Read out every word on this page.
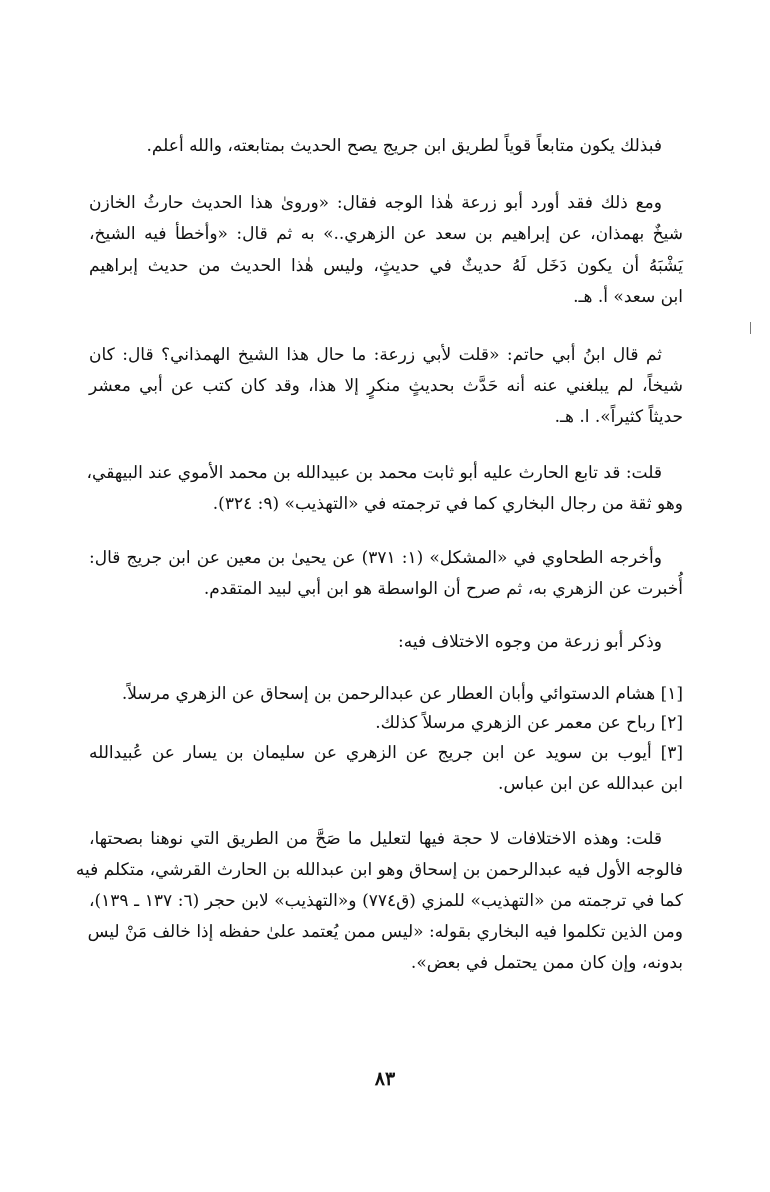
فبذلك يكون متابعاً قوياً لطريق ابن جريج يصح الحديث بمتابعته، والله أعلم.

ومع ذلك فقد أورد أبو زرعة هٰذا الوجه فقال: «وروىٰ هذا الحديث حارثُ الخازن

شيخٌ بهمذان، عن إبراهيم بن سعد عن الزهري..» به ثم قال: «وأخطأ فيه الشيخ،

يَشْبَهُ أن يكون دَخَل لَهُ حديثٌ في حديثٍ، وليس هٰذا الحديث من حديث إبراهيم

ابن سعد» أ. هـ.

ثم قال ابنُ أبي حاتم: «قلت لأبي زرعة: ما حال هذا الشيخ الهمذاني؟ قال: كان

شيخاً، لم يبلغني عنه أنه حَدَّث بحديثٍ منكرٍ إلا هذا، وقد كان كتب عن أبي معشر

حديثاً كثيراً». ا. هـ.

قلت: قد تابع الحارث عليه أبو ثابت محمد بن عبيدالله بن محمد الأموي عند البيهقي،

وهو ثقة من رجال البخاري كما في ترجمته في «التهذيب» (٩: ٣٢٤).

وأخرجه الطحاوي في «المشكل» (١: ٣٧١) عن يحيىٰ بن معين عن ابن جريج قال:

أُخبرت عن الزهري به، ثم صرح أن الواسطة هو ابن أبي لبيد المتقدم.

وذكر أبو زرعة من وجوه الاختلاف فيه:

[١] هشام الدستوائي وأبان العطار عن عبدالرحمن بن إسحاق عن الزهري مرسلاً.

[٢] رباح عن معمر عن الزهري مرسلاً كذلك.

[٣] أيوب بن سويد عن ابن جريج عن الزهري عن سليمان بن يسار عن عُبيدالله

ابن عبدالله عن ابن عباس.

قلت: وهذه الاختلافات لا حجة فيها لتعليل ما صَحَّ من الطريق التي نوهنا بصحتها،

فالوجه الأول فيه عبدالرحمن بن إسحاق وهو ابن عبدالله بن الحارث القرشي، متكلم فيه

كما في ترجمته من «التهذيب» للمزي (ق٧٧٤) و«التهذيب» لابن حجر (٦: ١٣٧ ـ ١٣٩)،

ومن الذين تكلموا فيه البخاري بقوله: «ليس ممن يُعتمد علىٰ حفظه إذا خالف مَنْ ليس

بدونه، وإن كان ممن يحتمل في بعض».

٨٣
